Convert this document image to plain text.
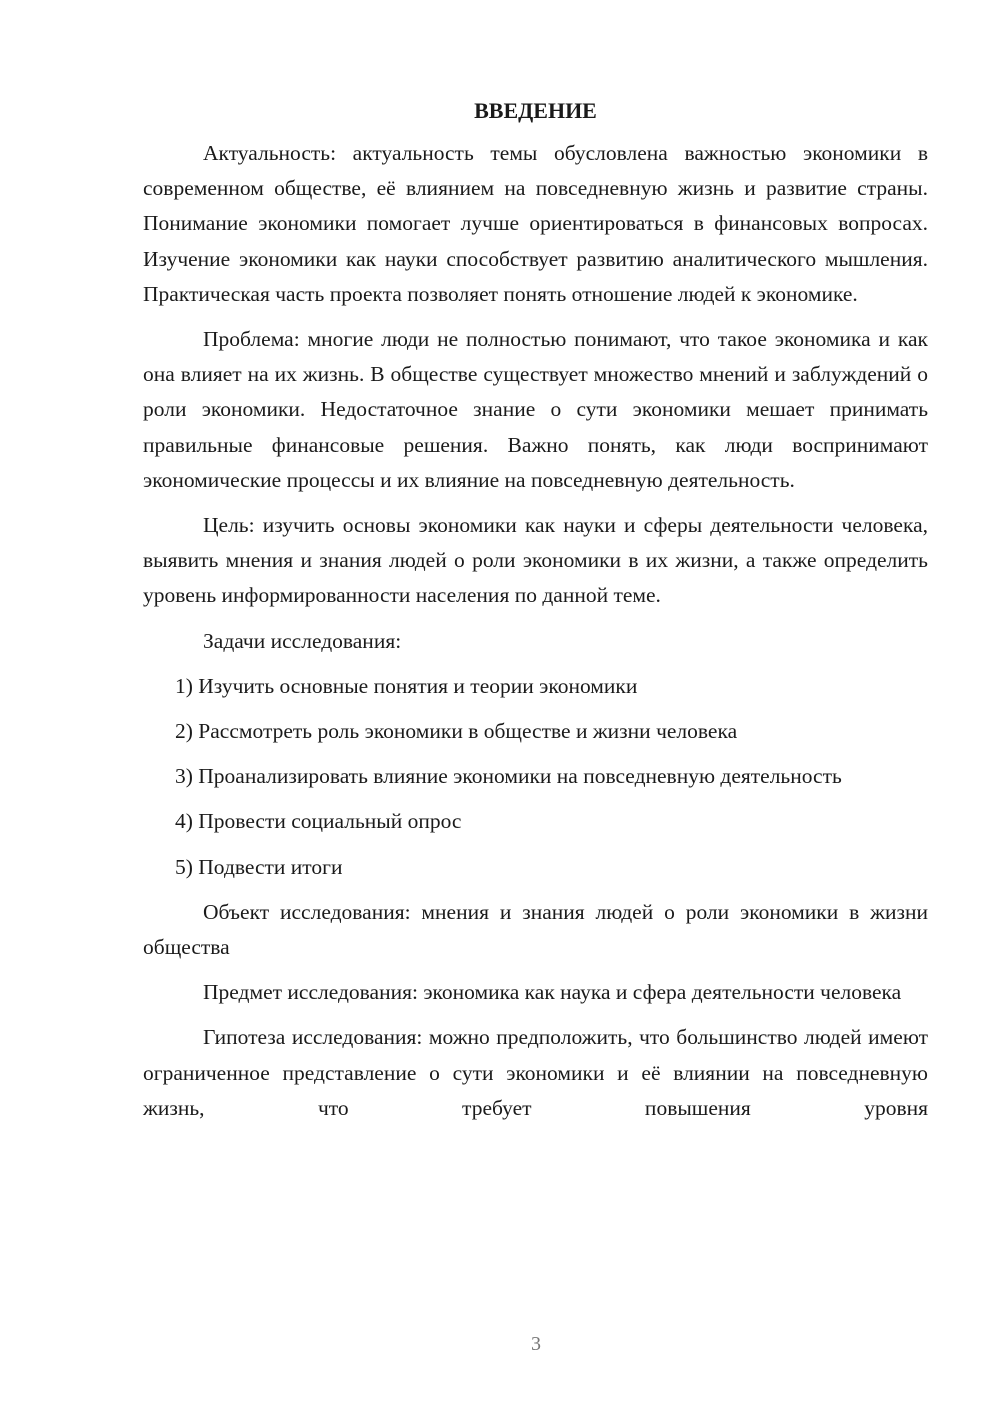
ВВЕДЕНИЕ

Актуальность: актуальность темы обусловлена важностью экономики в современном обществе, её влиянием на повседневную жизнь и развитие страны. Понимание экономики помогает лучше ориентироваться в финансовых вопросах. Изучение экономики как науки способствует развитию аналитического мышления. Практическая часть проекта позволяет понять отношение людей к экономике.

Проблема: многие люди не полностью понимают, что такое экономика и как она влияет на их жизнь. В обществе существует множество мнений и заблуждений о роли экономики. Недостаточное знание о сути экономики мешает принимать правильные финансовые решения. Важно понять, как люди воспринимают экономические процессы и их влияние на повседневную деятельность.

Цель: изучить основы экономики как науки и сферы деятельности человека, выявить мнения и знания людей о роли экономики в их жизни, а также определить уровень информированности населения по данной теме.

Задачи исследования:

1) Изучить основные понятия и теории экономики

2) Рассмотреть роль экономики в обществе и жизни человека

3) Проанализировать влияние экономики на повседневную деятельность

4) Провести социальный опрос

5) Подвести итоги

Объект исследования: мнения и знания людей о роли экономики в жизни общества

Предмет исследования: экономика как наука и сфера деятельности человека

Гипотеза исследования: можно предположить, что большинство людей имеют ограниченное представление о сути экономики и её влиянии на повседневную жизнь, что требует повышения уровня

3
